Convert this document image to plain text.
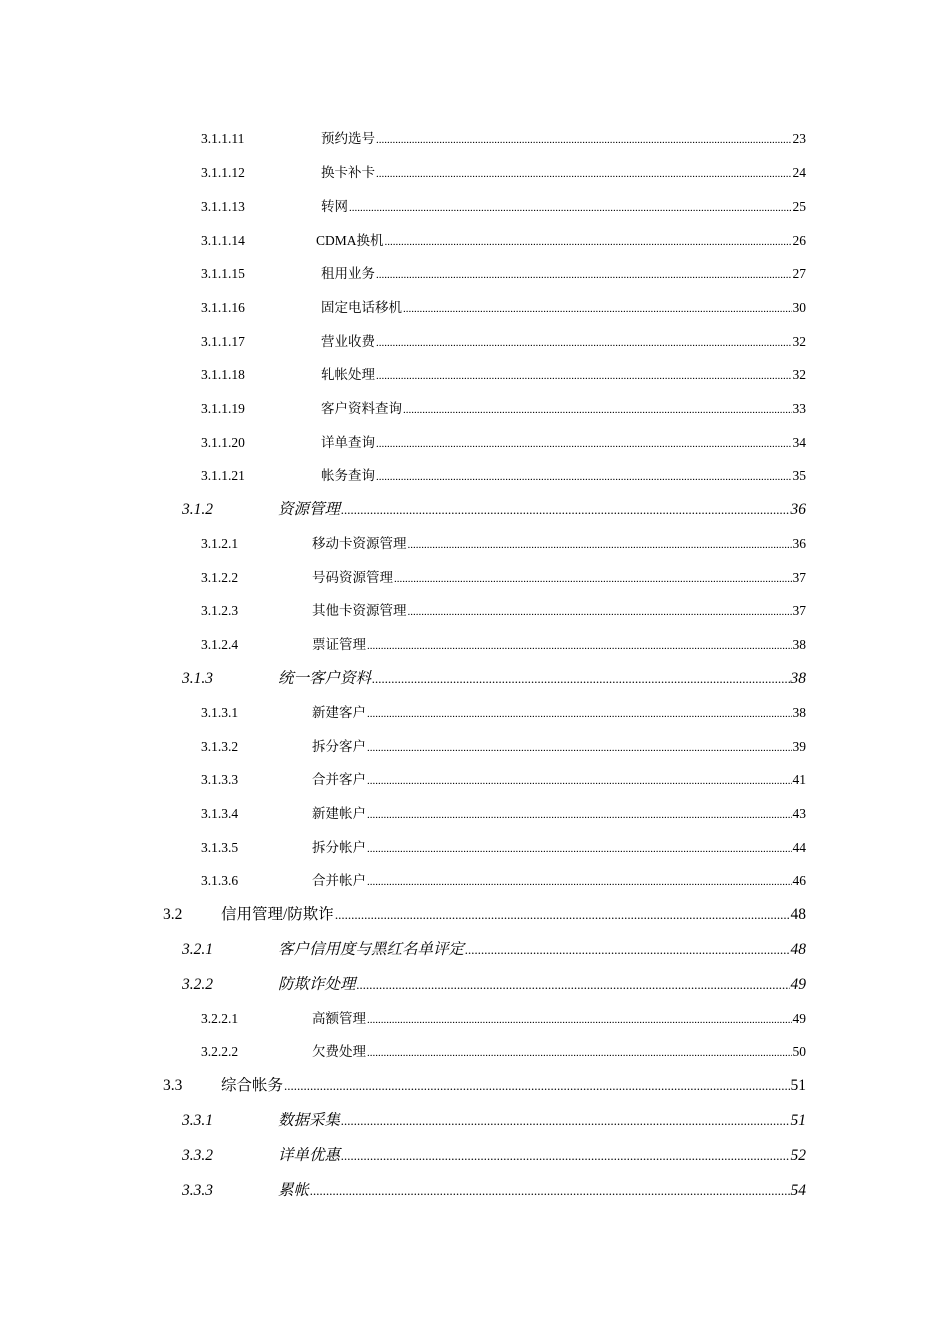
3.1.1.11	预约选号 .....	23
3.1.1.12	换卡补卡 .....	24
3.1.1.13	转网 .....	25
3.1.1.14	CDMA换机 .....	26
3.1.1.15	租用业务 .....	27
3.1.1.16	固定电话移机 .....	30
3.1.1.17	营业收费 .....	32
3.1.1.18	轧帐处理 .....	32
3.1.1.19	客户资料查询 .....	33
3.1.1.20	详单查询 .....	34
3.1.1.21	帐务查询 .....	35
3.1.2	资源管理 .....	36
3.1.2.1	移动卡资源管理 .....	36
3.1.2.2	号码资源管理 .....	37
3.1.2.3	其他卡资源管理 .....	37
3.1.2.4	票证管理 .....	38
3.1.3	统一客户资料 .....	38
3.1.3.1	新建客户 .....	38
3.1.3.2	拆分客户 .....	39
3.1.3.3	合并客户 .....	41
3.1.3.4	新建帐户 .....	43
3.1.3.5	拆分帐户 .....	44
3.1.3.6	合并帐户 .....	46
3.2	信用管理/防欺诈 .....	48
3.2.1	客户信用度与黑红名单评定 .....	48
3.2.2	防欺诈处理 .....	49
3.2.2.1	高额管理 .....	49
3.2.2.2	欠费处理 .....	50
3.3	综合帐务 .....	51
3.3.1	数据采集 .....	51
3.3.2	详单优惠 .....	52
3.3.3	累帐 .....	54
